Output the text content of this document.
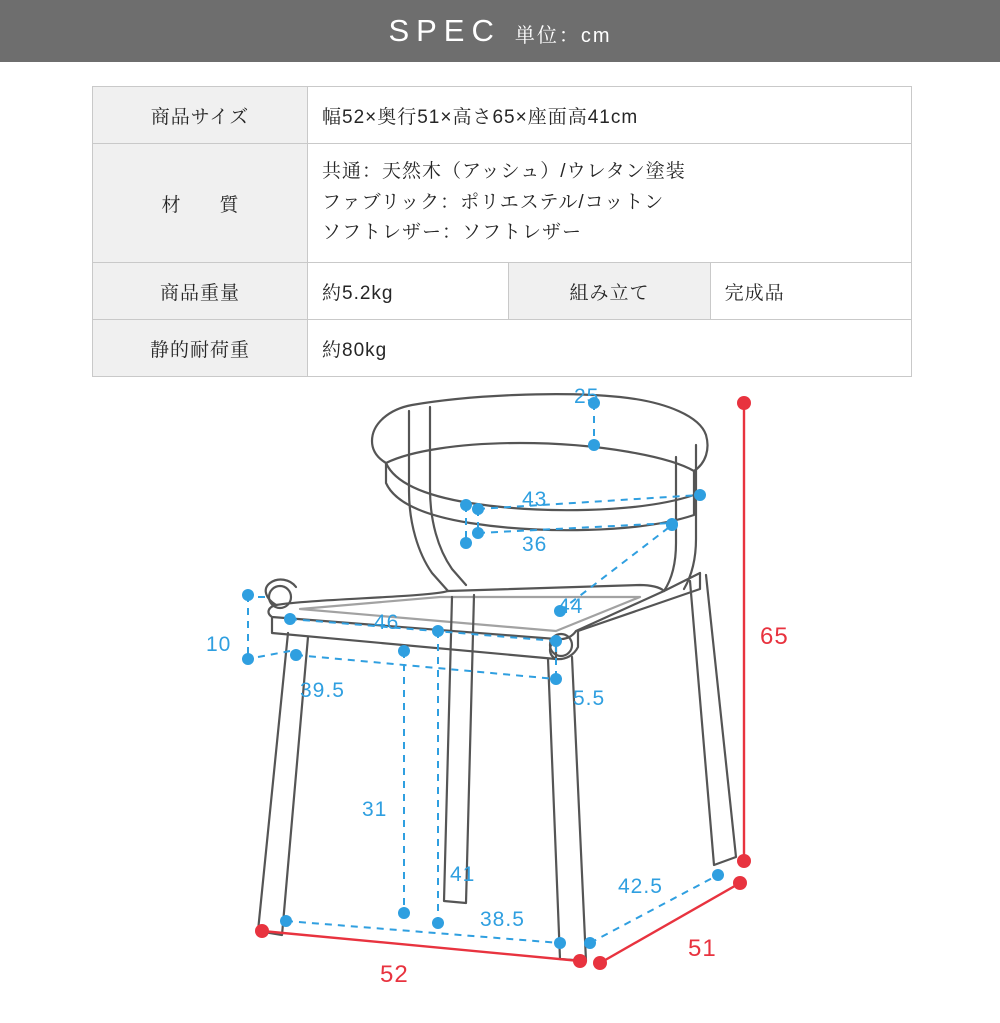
SPEC 単位：cm
商品サイズ	幅52×奥行51×高さ65×座面高41cm		
材　質	共通：天然木（アッシュ）/ウレタン塗装
ファブリック：ポリエステル/コットン
ソフトレザー：ソフトレザー		

商品重量	約5.2kg	組み立て	完成品
静的耐荷重	約80kg		
25
43
36
44
46
10
39.5	5.5
31
41
38.5
42.5
65
52
51
